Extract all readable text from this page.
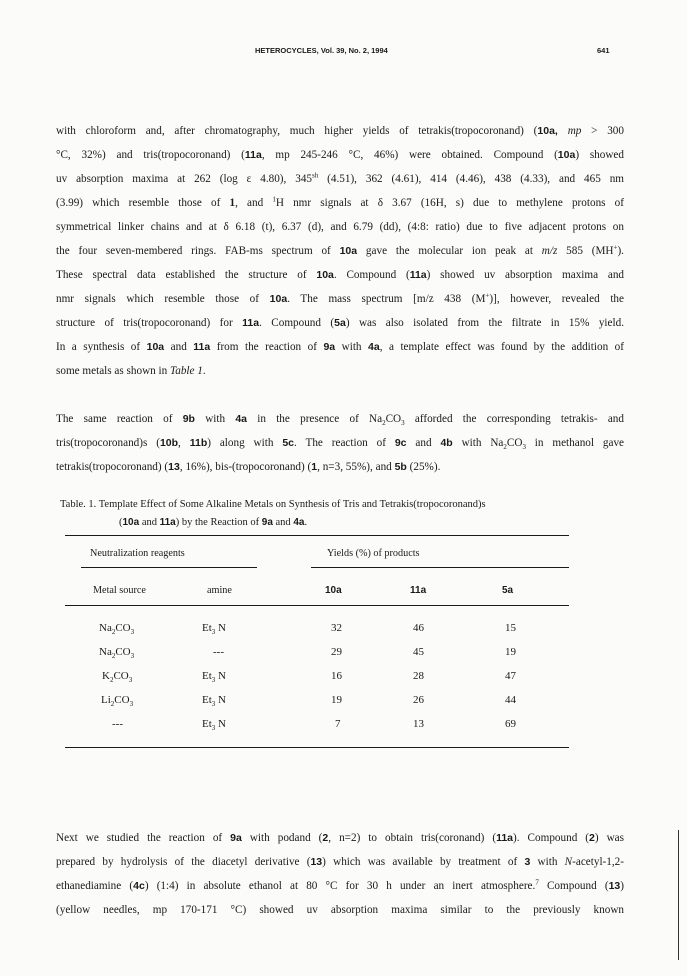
HETEROCYCLES, Vol. 39, No. 2, 1994	641
with chloroform and, after chromatography, much higher yields of tetrakis(tropocoronand) (10a, mp > 300
°C, 32%) and tris(tropocoronand) (11a, mp 245-246 °C, 46%) were obtained. Compound (10a) showed
uv absorption maxima at 262 (log ε 4.80), $345^{sh}$ (4.51), 362 (4.61), 414 (4.46), 438 (4.33), and 465 nm
(3.99) which resemble those of 1, and $^1$H nmr signals at δ 3.67 (16H, s) due to methylene protons of
symmetrical linker chains and at δ 6.18 (t), 6.37 (d), and 6.79 (dd), (4:8: ratio) due to five adjacent protons on
the four seven-membered rings. FAB-ms spectrum of 10a gave the molecular ion peak at m/z 585 (MH+).
These spectral data established the structure of 10a. Compound (11a) showed uv absorption maxima and
nmr signals which resemble those of 10a. The mass spectrum [m/z 438 (M+)], however, revealed the
structure of tris(tropocoronand) for 11a. Compound (5a) was also isolated from the filtrate in 15% yield.
In a synthesis of 10a and 11a from the reaction of 9a with 4a, a template effect was found by the addition of
some metals as shown in Table 1.
The same reaction of 9b with 4a in the presence of $Na_2CO_3$ afforded the corresponding tetrakis- and
tris(tropocoronand)s (10b, 11b) along with 5c. The reaction of 9c and 4b with $Na_2CO_3$ in methanol gave
tetrakis(tropocoronand) (13, 16%), bis-(tropocoronand) (1, n=3, 55%), and 5b (25%).
Table. 1. Template Effect of Some Alkaline Metals on Synthesis of Tris and Tetrakis(tropocoronand)s
(10a and 11a) by the Reaction of 9a and 4a.
Neutralization reagents	Yields (%) of products
Metal source	amine	10a	11a	5a
$Na_2CO_3$	$Et_3$ N	32	46	15
$Na_2CO_3$	---	29	45	19
$K_2CO_3$	$Et_3$ N	16	28	47
$Li_2CO_3$	$Et_3$ N	19	26	44
---	$Et_3$ N	7	13	69
Next we studied the reaction of 9a with podand (2, n=2) to obtain tris(coronand) (11a). Compound (2) was
prepared by hydrolysis of the diacetyl derivative (13) which was available by treatment of 3 with N-acetyl-1,2-
ethanediamine (4c) (1:4) in absolute ethanol at 80 °C for 30 h under an inert atmosphere.$^7$ Compound (13)
(yellow needles, mp 170-171 °C) showed uv absorption maxima similar to the previously known
